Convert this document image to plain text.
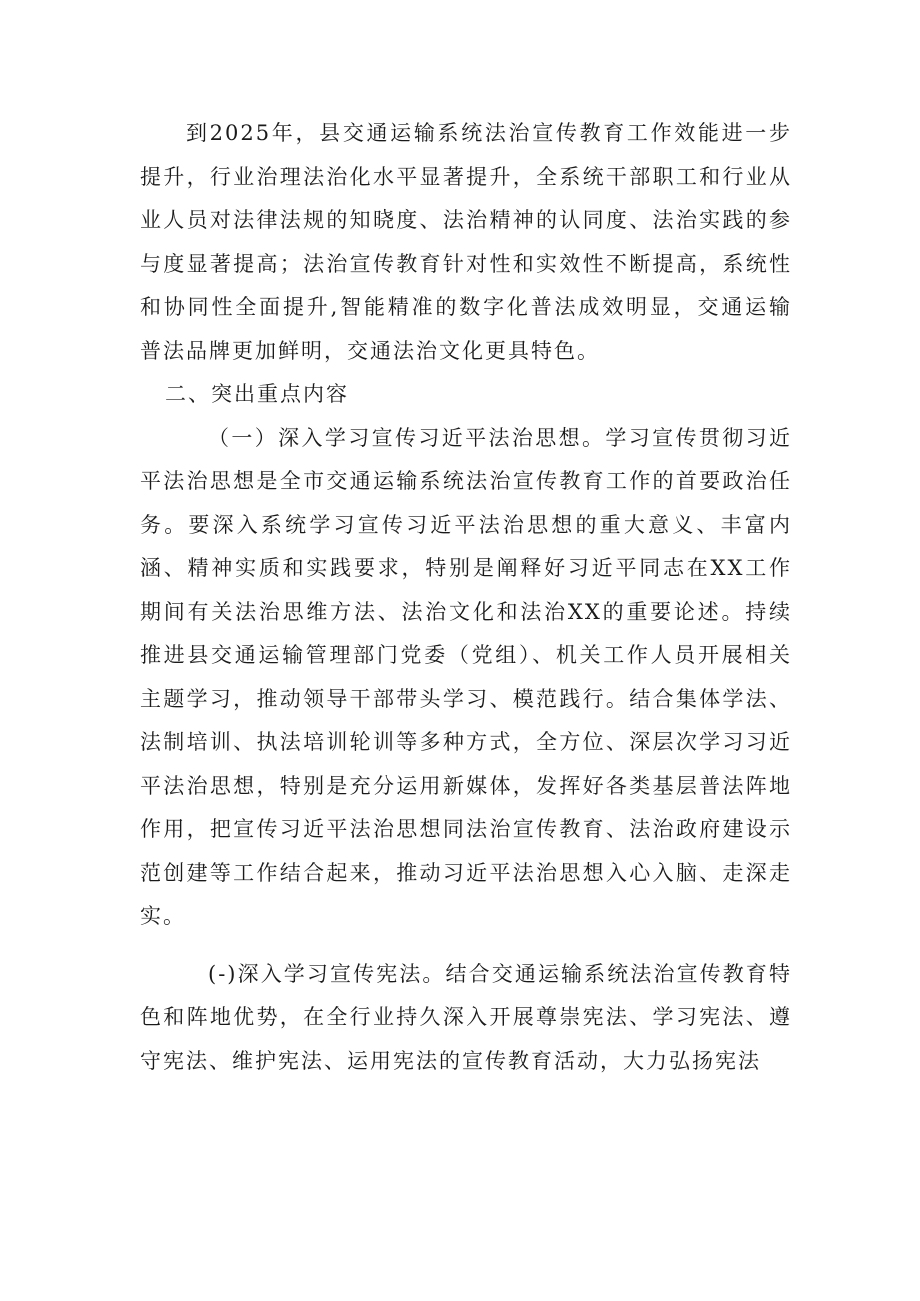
到2025年，县交通运输系统法治宣传教育工作效能进一步提升，行业治理法治化水平显著提升，全系统干部职工和行业从业人员对法律法规的知晓度、法治精神的认同度、法治实践的参与度显著提高；法治宣传教育针对性和实效性不断提高，系统性和协同性全面提升,智能精准的数字化普法成效明显，交通运输普法品牌更加鲜明，交通法治文化更具特色。

二、突出重点内容

（一）深入学习宣传习近平法治思想。学习宣传贯彻习近平法治思想是全市交通运输系统法治宣传教育工作的首要政治任务。要深入系统学习宣传习近平法治思想的重大意义、丰富内涵、精神实质和实践要求，特别是阐释好习近平同志在XX工作期间有关法治思维方法、法治文化和法治XX的重要论述。持续推进县交通运输管理部门党委（党组）、机关工作人员开展相关主题学习，推动领导干部带头学习、模范践行。结合集体学法、法制培训、执法培训轮训等多种方式，全方位、深层次学习习近平法治思想，特别是充分运用新媒体，发挥好各类基层普法阵地作用，把宣传习近平法治思想同法治宣传教育、法治政府建设示范创建等工作结合起来，推动习近平法治思想入心入脑、走深走实。

(-)深入学习宣传宪法。结合交通运输系统法治宣传教育特色和阵地优势，在全行业持久深入开展尊崇宪法、学习宪法、遵守宪法、维护宪法、运用宪法的宣传教育活动，大力弘扬宪法
